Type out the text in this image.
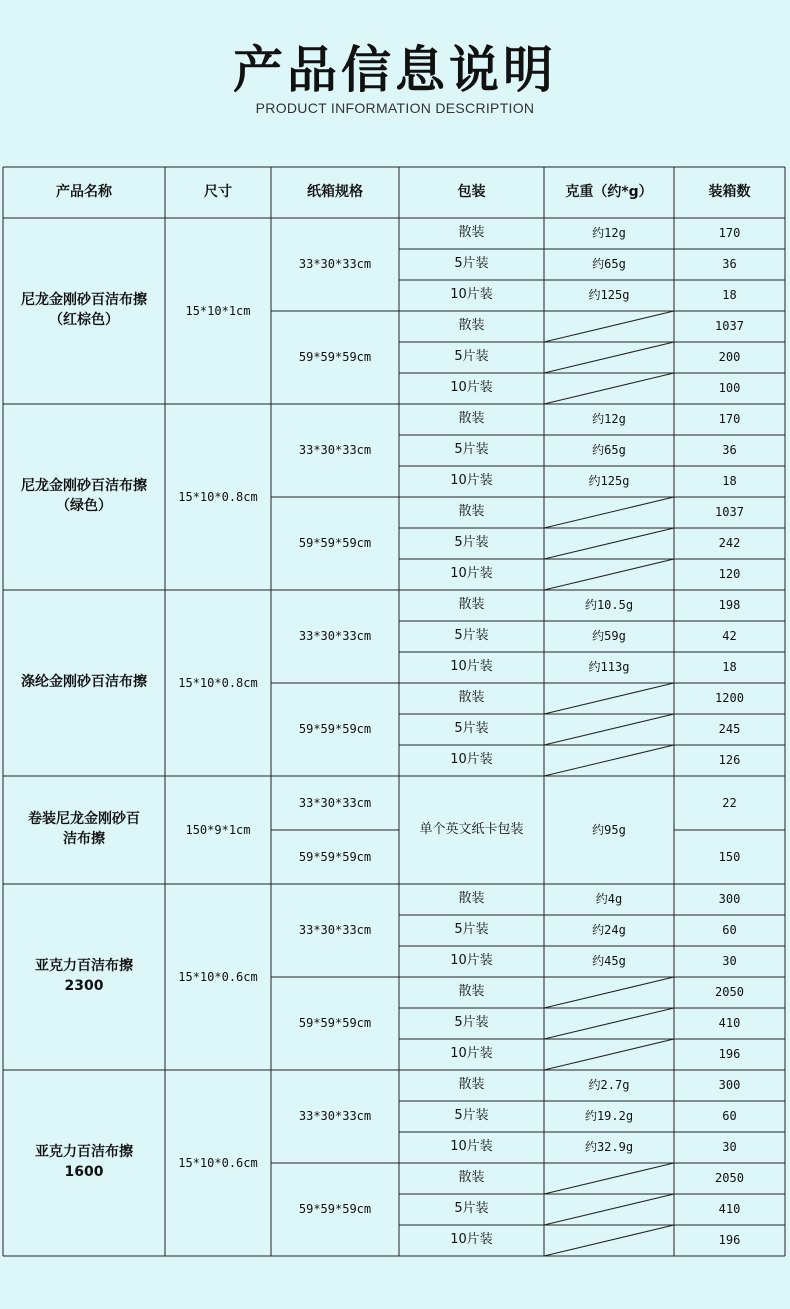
产品信息说明
PRODUCT INFORMATION DESCRIPTION
产品名称	尺寸	纸箱规格	包装	克重（约*g）	装箱数
尼龙金刚砂百洁布擦
（红棕色）
15*10*1cm
33*30*33cm
散装	约12g	170
5片装	约65g	36
10片装	约125g	18
59*59*59cm
散装	1037
5片装	200
10片装	100
尼龙金刚砂百洁布擦
（绿色）
15*10*0.8cm
33*30*33cm
散装	约12g	170
5片装	约65g	36
10片装	约125g	18
59*59*59cm
散装	1037
5片装	242
10片装	120
涤纶金刚砂百洁布擦	15*10*0.8cm
33*30*33cm
散装	约10.5g	198
5片装	约59g	42
10片装	约113g	18
59*59*59cm
散装	1200
5片装	245
10片装	126
卷装尼龙金刚砂百
洁布擦
150*9*1cm
33*30*33cm	22
59*59*59cm	150
单个英文纸卡包装	约95g
亚克力百洁布擦
2300
15*10*0.6cm
33*30*33cm
散装	约4g	300
5片装	约24g	60
10片装	约45g	30
59*59*59cm
散装	2050
5片装	410
10片装	196
亚克力百洁布擦
1600
15*10*0.6cm
33*30*33cm
散装	约2.7g	300
5片装	约19.2g	60
10片装	约32.9g	30
59*59*59cm
散装	2050
5片装	410
10片装	196
